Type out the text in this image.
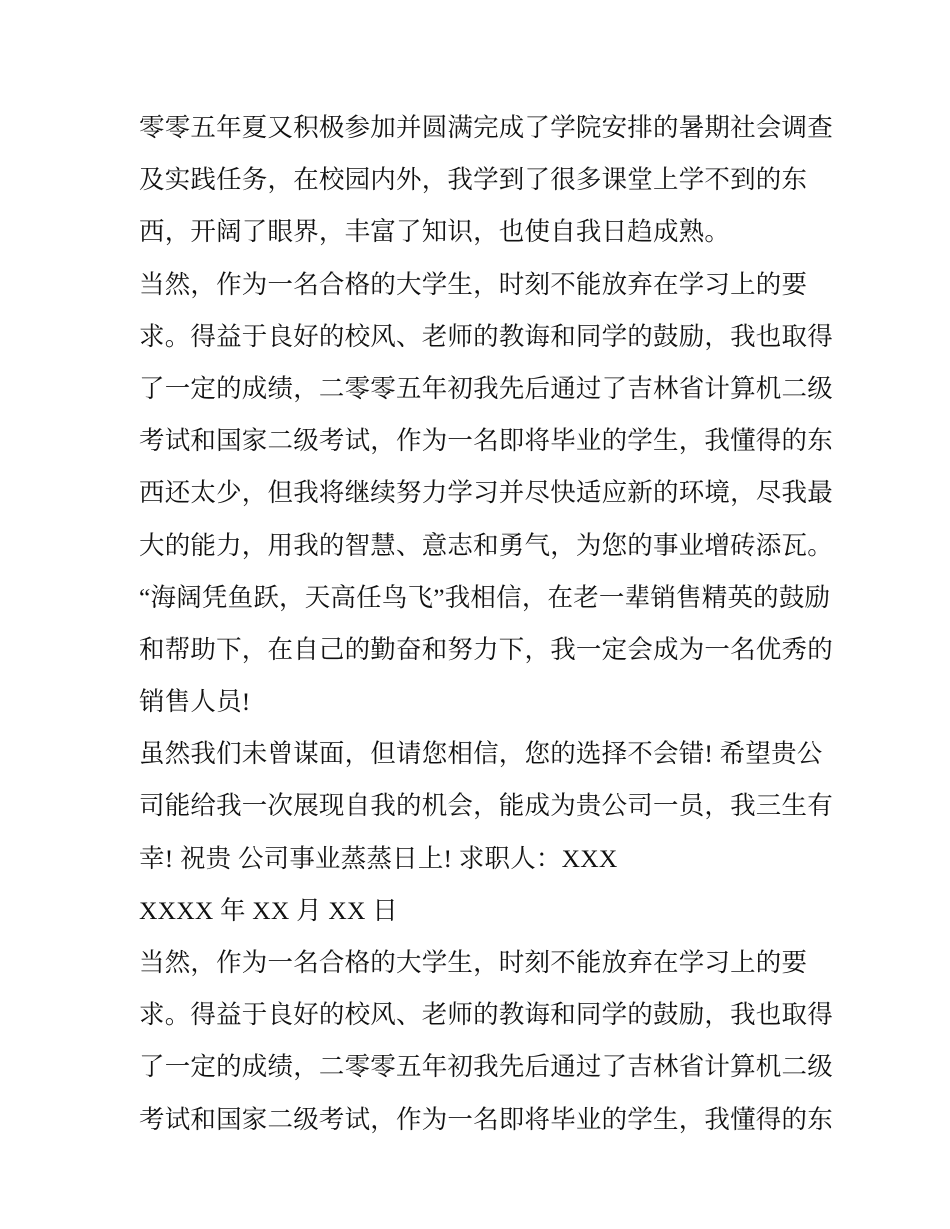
零零五年夏又积极参加并圆满完成了学院安排的暑期社会调查
及实践任务，在校园内外，我学到了很多课堂上学不到的东
西，开阔了眼界，丰富了知识，也使自我日趋成熟。
当然，作为一名合格的大学生，时刻不能放弃在学习上的要
求。得益于良好的校风、老师的教诲和同学的鼓励，我也取得
了一定的成绩，二零零五年初我先后通过了吉林省计算机二级
考试和国家二级考试，作为一名即将毕业的学生，我懂得的东
西还太少，但我将继续努力学习并尽快适应新的环境，尽我最
大的能力，用我的智慧、意志和勇气，为您的事业增砖添瓦。
“海阔凭鱼跃，天高任鸟飞”我相信，在老一辈销售精英的鼓励
和帮助下，在自己的勤奋和努力下，我一定会成为一名优秀的
销售人员!
虽然我们未曾谋面，但请您相信，您的选择不会错! 希望贵公
司能给我一次展现自我的机会，能成为贵公司一员，我三生有
幸! 祝贵 公司事业蒸蒸日上! 求职人：XXX
XXXX 年 XX 月 XX 日
当然，作为一名合格的大学生，时刻不能放弃在学习上的要
求。得益于良好的校风、老师的教诲和同学的鼓励，我也取得
了一定的成绩，二零零五年初我先后通过了吉林省计算机二级
考试和国家二级考试，作为一名即将毕业的学生，我懂得的东
